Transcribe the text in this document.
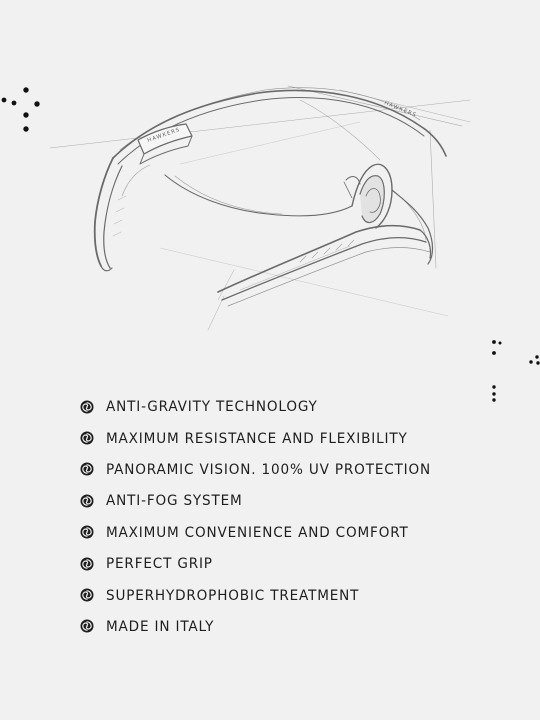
HAWKERS
HAWKERS
ANTI-GRAVITY TECHNOLOGY
MAXIMUM RESISTANCE AND FLEXIBILITY
PANORAMIC VISION. 100% UV PROTECTION
ANTI-FOG SYSTEM
MAXIMUM CONVENIENCE AND COMFORT
PERFECT GRIP
SUPERHYDROPHOBIC TREATMENT
MADE IN ITALY
